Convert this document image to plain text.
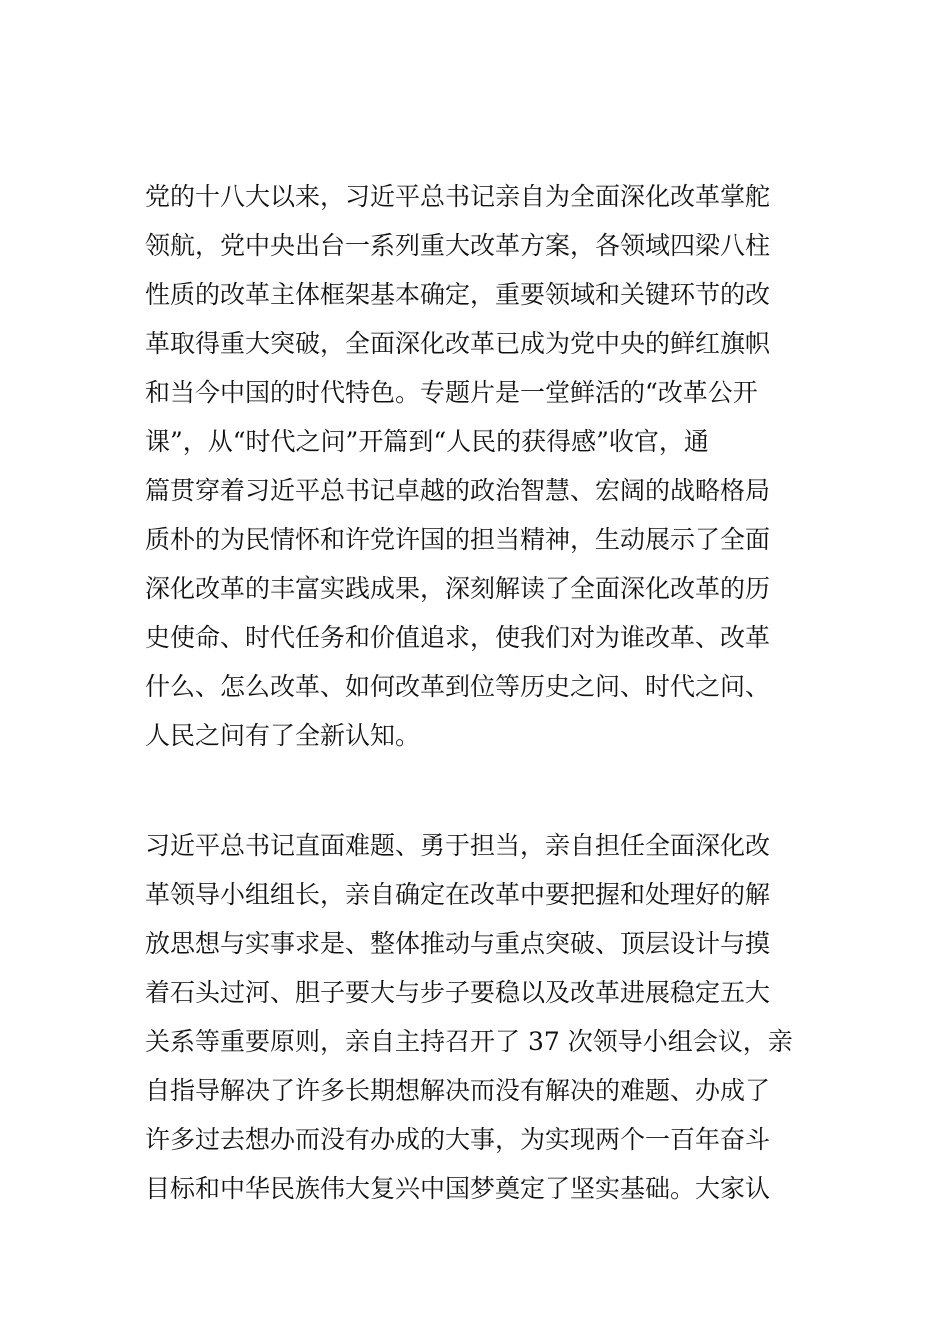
党的十八大以来，习近平总书记亲自为全面深化改革掌舵
领航，党中央出台一系列重大改革方案，各领域四梁八柱
性质的改革主体框架基本确定，重要领域和关键环节的改
革取得重大突破，全面深化改革已成为党中央的鲜红旗帜
和当今中国的时代特色。专题片是一堂鲜活的“改革公开
课”，从“时代之问”开篇到“人民的获得感”收官，通
篇贯穿着习近平总书记卓越的政治智慧、宏阔的战略格局
质朴的为民情怀和许党许国的担当精神，生动展示了全面
深化改革的丰富实践成果，深刻解读了全面深化改革的历
史使命、时代任务和价值追求，使我们对为谁改革、改革
什么、怎么改革、如何改革到位等历史之问、时代之问、
人民之问有了全新认知。
习近平总书记直面难题、勇于担当，亲自担任全面深化改
革领导小组组长，亲自确定在改革中要把握和处理好的解
放思想与实事求是、整体推动与重点突破、顶层设计与摸
着石头过河、胆子要大与步子要稳以及改革进展稳定五大
关系等重要原则，亲自主持召开了 37 次领导小组会议，亲
自指导解决了许多长期想解决而没有解决的难题、办成了
许多过去想办而没有办成的大事，为实现两个一百年奋斗
目标和中华民族伟大复兴中国梦奠定了坚实基础。大家认
